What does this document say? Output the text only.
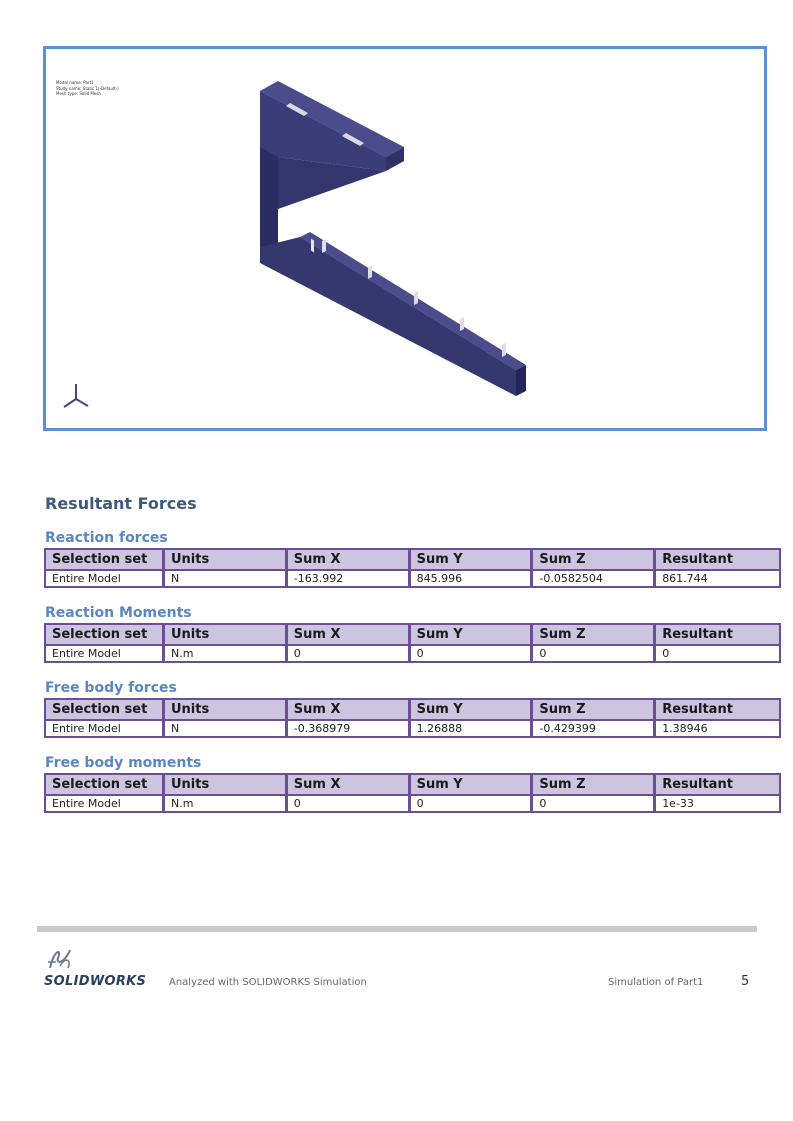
Model name: Part1
Study name: Static 1(-Default-)
Mesh type: Solid Mesh
Resultant Forces
Reaction forces
Selection set	Units	Sum X	Sum Y	Sum Z	Resultant
Entire Model	N	-163.992	845.996	-0.0582504	861.744
Reaction Moments
Selection set	Units	Sum X	Sum Y	Sum Z	Resultant
Entire Model	N.m	0	0	0	0
Free body forces
Selection set	Units	Sum X	Sum Y	Sum Z	Resultant
Entire Model	N	-0.368979	1.26888	-0.429399	1.38946
Free body moments
Selection set	Units	Sum X	Sum Y	Sum Z	Resultant
Entire Model	N.m	0	0	0	1e-33
SOLIDWORKS Analyzed with SOLIDWORKS Simulation	Simulation of Part1	5
